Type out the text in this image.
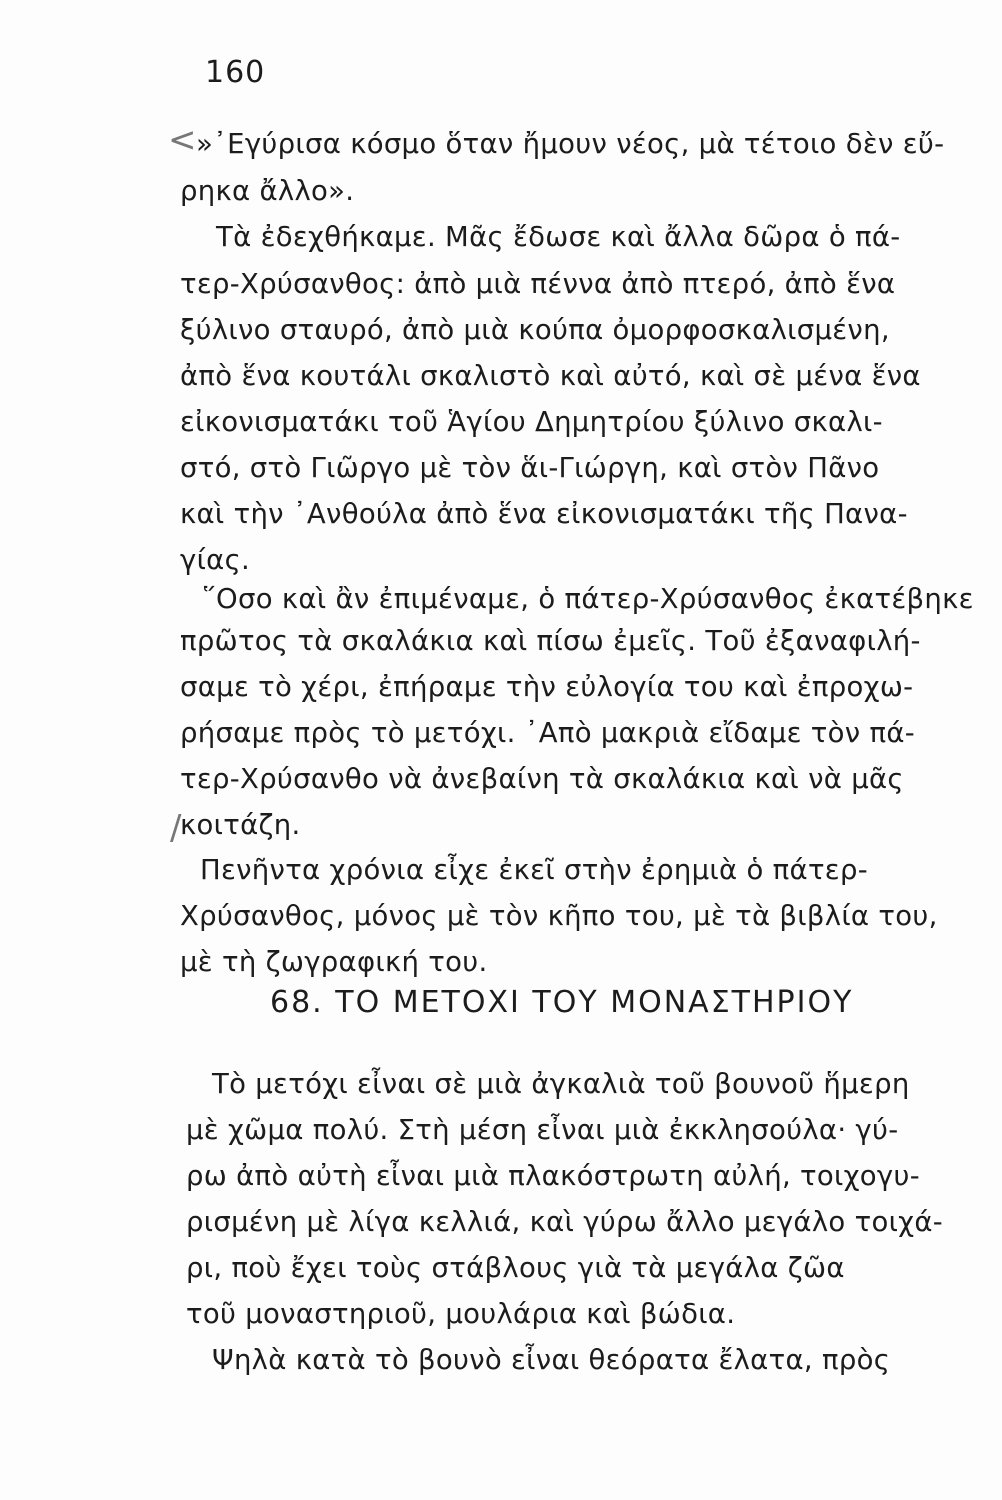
160
<
/
»᾿Εγύρισα κόσμο ὅταν ἤμουν νέος, μὰ τέτοιο δὲν εὔ-
ρηκα ἄλλο».
Τὰ ἐδεχθήκαμε. Μᾶς ἔδωσε καὶ ἄλλα δῶρα ὁ πά-
τερ-Χρύσανθος: ἀπὸ μιὰ πέννα ἀπὸ πτερό, ἀπὸ ἕνα
ξύλινο σταυρό, ἀπὸ μιὰ κούπα ὀμορφοσκαλισμένη,
ἀπὸ ἕνα κουτάλι σκαλιστὸ καὶ αὐτό, καὶ σὲ μένα ἕνα
εἰκονισματάκι τοῦ Ἁγίου Δημητρίου ξύλινο σκαλι-
στό, στὸ Γιῶργο μὲ τὸν ἅι-Γιώργη, καὶ στὸν Πᾶνο
καὶ τὴν ᾿Ανθούλα ἀπὸ ἕνα εἰκονισματάκι τῆς Πανα-
γίας.
῞Οσο καὶ ἂν ἐπιμέναμε, ὁ πάτερ-Χρύσανθος ἐκατέβηκε
πρῶτος τὰ σκαλάκια καὶ πίσω ἐμεῖς. Τοῦ ἐξαναφιλή-
σαμε τὸ χέρι, ἐπήραμε τὴν εὐλογία του καὶ ἐπροχω-
ρήσαμε πρὸς τὸ μετόχι. ᾿Απὸ μακριὰ εἴδαμε τὸν πά-
τερ-Χρύσανθο νὰ ἀνεβαίνη τὰ σκαλάκια καὶ νὰ μᾶς
κοιτάζη.
Πενῆντα χρόνια εἶχε ἐκεῖ στὴν ἐρημιὰ ὁ πάτερ-
Χρύσανθος, μόνος μὲ τὸν κῆπο του, μὲ τὰ βιβλία του,
μὲ τὴ ζωγραφική του.
68. ΤΟ ΜΕΤΟΧΙ ΤΟΥ ΜΟΝΑΣΤΗΡΙΟΥ
Τὸ μετόχι εἶναι σὲ μιὰ ἀγκαλιὰ τοῦ βουνοῦ ἥμερη
μὲ χῶμα πολύ. Στὴ μέση εἶναι μιὰ ἐκκλησούλα· γύ-
ρω ἀπὸ αὐτὴ εἶναι μιὰ πλακόστρωτη αὐλή, τοιχογυ-
ρισμένη μὲ λίγα κελλιά, καὶ γύρω ἄλλο μεγάλο τοιχά-
ρι, ποὺ ἔχει τοὺς στάβλους γιὰ τὰ μεγάλα ζῶα
τοῦ μοναστηριοῦ, μουλάρια καὶ βώδια.
Ψηλὰ κατὰ τὸ βουνὸ εἶναι θεόρατα ἔλατα, πρὸς
